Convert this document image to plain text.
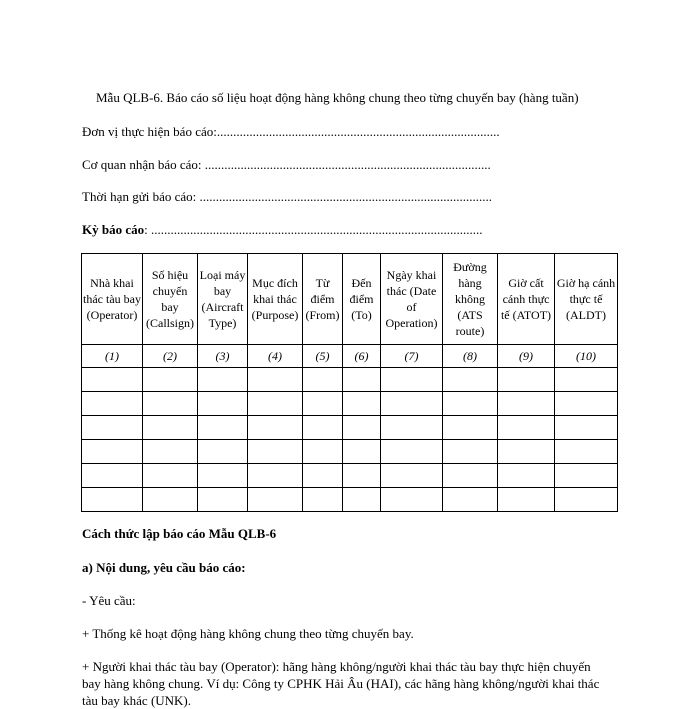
Mẫu QLB-6. Báo cáo số liệu hoạt động hàng không chung theo từng chuyến bay (hàng tuần)
Đơn vị thực hiện báo cáo:.......................................................................................
Cơ quan nhận báo cáo: ........................................................................................
Thời hạn gửi báo cáo: ..........................................................................................
Kỳ báo cáo: ......................................................................................................
Nhà khai thác tàu bay (Operator)	Số hiệu chuyến bay (Callsign)	Loại máy bay (Aircraft Type)	Mục đích khai thác (Purpose)	Từ điểm (From)	Đến điểm (To)	Ngày khai thác (Date of Operation)	Đường hàng không (ATS route)	Giờ cất cánh thực tế (ATOT)	Giờ hạ cánh thực tế (ALDT)
(1)	(2)	(3)	(4)	(5)	(6)	(7)	(8)	(9)	(10)

Cách thức lập báo cáo Mẫu QLB-6
a) Nội dung, yêu cầu báo cáo:
- Yêu cầu:
+ Thống kê hoạt động hàng không chung theo từng chuyến bay.
+ Người khai thác tàu bay (Operator): hãng hàng không/người khai thác tàu bay thực hiện chuyến bay hàng không chung. Ví dụ: Công ty CPHK Hải Âu (HAI), các hãng hàng không/người khai thác tàu bay khác (UNK).
